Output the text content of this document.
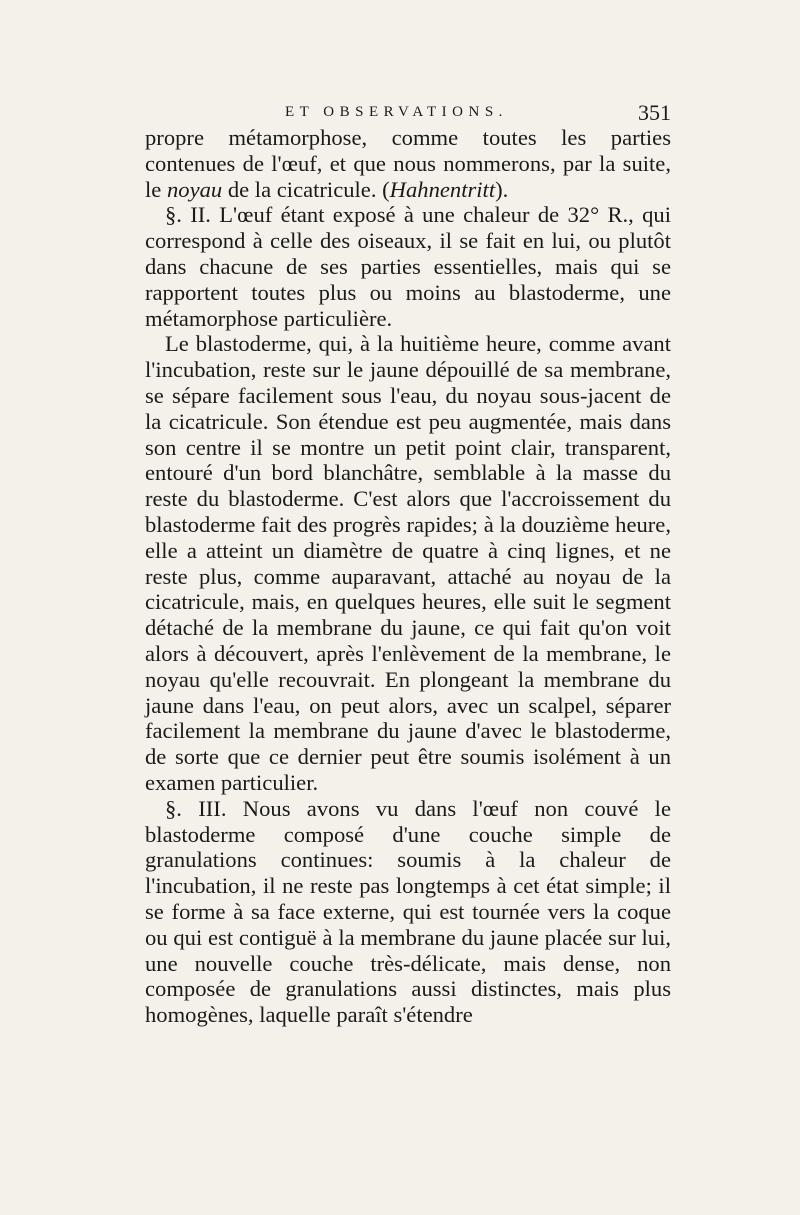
ET OBSERVATIONS.	351

propre métamorphose, comme toutes les parties contenues de l'œuf, et que nous nommerons, par la suite, le noyau de la cicatricule. (Hahnentritt).

§. II. L'œuf étant exposé à une chaleur de 32° R., qui correspond à celle des oiseaux, il se fait en lui, ou plutôt dans chacune de ses parties essentielles, mais qui se rapportent toutes plus ou moins au blastoderme, une métamorphose particulière.

Le blastoderme, qui, à la huitième heure, comme avant l'incubation, reste sur le jaune dépouillé de sa membrane, se sépare facilement sous l'eau, du noyau sous-jacent de la cicatricule. Son étendue est peu augmentée, mais dans son centre il se montre un petit point clair, transparent, entouré d'un bord blanchâtre, semblable à la masse du reste du blastoderme. C'est alors que l'accroissement du blastoderme fait des progrès rapides; à la douzième heure, elle a atteint un diamètre de quatre à cinq lignes, et ne reste plus, comme auparavant, attaché au noyau de la cicatricule, mais, en quelques heures, elle suit le segment détaché de la membrane du jaune, ce qui fait qu'on voit alors à découvert, après l'enlèvement de la membrane, le noyau qu'elle recouvrait. En plongeant la membrane du jaune dans l'eau, on peut alors, avec un scalpel, séparer facilement la membrane du jaune d'avec le blastoderme, de sorte que ce dernier peut être soumis isolément à un examen particulier.

§. III. Nous avons vu dans l'œuf non couvé le blastoderme composé d'une couche simple de granulations continues: soumis à la chaleur de l'incubation, il ne reste pas longtemps à cet état simple; il se forme à sa face externe, qui est tournée vers la coque ou qui est contiguë à la membrane du jaune placée sur lui, une nouvelle couche très-délicate, mais dense, non composée de granulations aussi distinctes, mais plus homogènes, laquelle paraît s'étendre
